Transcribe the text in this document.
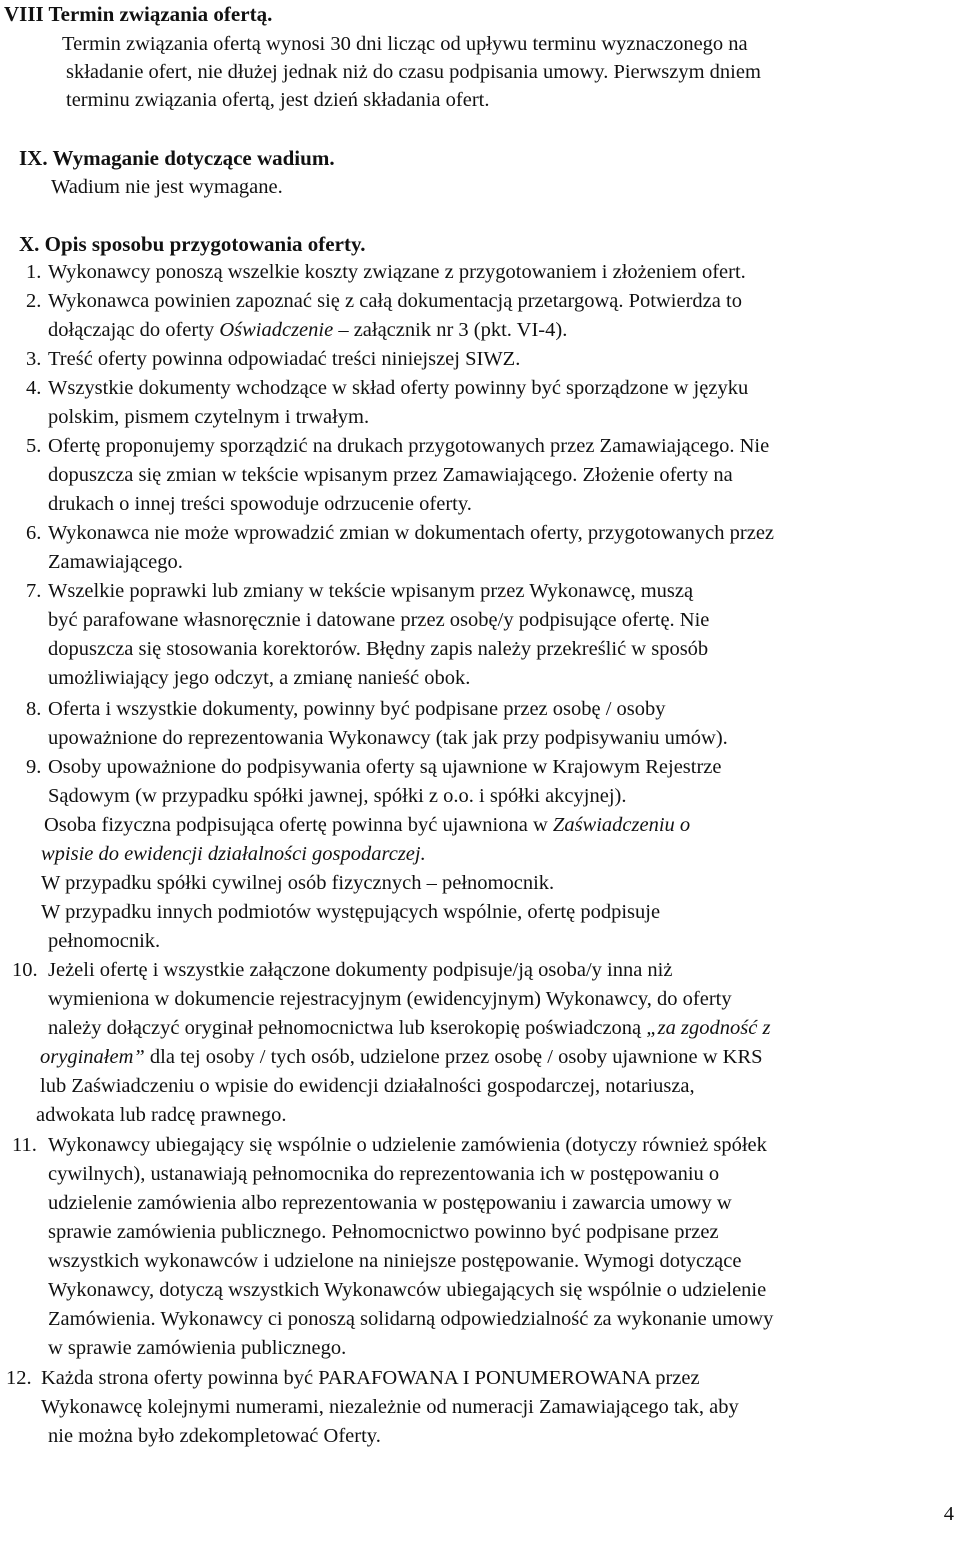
VIII Termin związania ofertą.
Termin związania ofertą wynosi 30 dni licząc od upływu terminu wyznaczonego na
składanie ofert, nie dłużej jednak niż do czasu podpisania umowy. Pierwszym dniem
terminu związania ofertą, jest dzień składania ofert.
IX. Wymaganie dotyczące wadium.
Wadium nie jest wymagane.
X. Opis sposobu przygotowania oferty.
1. Wykonawcy ponoszą wszelkie koszty związane z przygotowaniem i złożeniem ofert.
2. Wykonawca powinien zapoznać się z całą dokumentacją przetargową. Potwierdza to
dołączając do oferty Oświadczenie – załącznik nr 3 (pkt. VI-4).
3. Treść oferty powinna odpowiadać treści niniejszej SIWZ.
4. Wszystkie dokumenty wchodzące w skład oferty powinny być sporządzone w języku
polskim, pismem czytelnym i trwałym.
5. Ofertę proponujemy sporządzić na drukach przygotowanych przez Zamawiającego. Nie
dopuszcza się zmian w tekście wpisanym przez Zamawiającego. Złożenie oferty na
drukach o innej treści spowoduje odrzucenie oferty.
6. Wykonawca nie może wprowadzić zmian w dokumentach oferty, przygotowanych przez
Zamawiającego.
7. Wszelkie poprawki lub zmiany w tekście wpisanym przez Wykonawcę, muszą
być parafowane własnoręcznie i datowane przez osobę/y podpisujące ofertę. Nie
dopuszcza się stosowania korektorów. Błędny zapis należy przekreślić w sposób
umożliwiający jego odczyt, a zmianę nanieść obok.
8. Oferta i wszystkie dokumenty, powinny być podpisane przez osobę / osoby
upoważnione do reprezentowania Wykonawcy (tak jak przy podpisywaniu umów).
9. Osoby upoważnione do podpisywania oferty są ujawnione w Krajowym Rejestrze
Sądowym (w przypadku spółki jawnej, spółki z o.o. i spółki akcyjnej).
Osoba fizyczna podpisująca ofertę powinna być ujawniona w Zaświadczeniu o
wpisie do ewidencji działalności gospodarczej.
W przypadku spółki cywilnej osób fizycznych – pełnomocnik.
W przypadku innych podmiotów występujących wspólnie, ofertę podpisuje
pełnomocnik.
10. Jeżeli ofertę i wszystkie załączone dokumenty podpisuje/ją osoba/y inna niż
wymieniona w dokumencie rejestracyjnym (ewidencyjnym) Wykonawcy, do oferty
należy dołączyć oryginał pełnomocnictwa lub kserokopię poświadczoną „za zgodność z
oryginałem” dla tej osoby / tych osób, udzielone przez osobę / osoby ujawnione w KRS
lub Zaświadczeniu o wpisie do ewidencji działalności gospodarczej, notariusza,
adwokata lub radcę prawnego.
11. Wykonawcy ubiegający się wspólnie o udzielenie zamówienia (dotyczy również spółek
cywilnych), ustanawiają pełnomocnika do reprezentowania ich w postępowaniu o
udzielenie zamówienia albo reprezentowania w postępowaniu i zawarcia umowy w
sprawie zamówienia publicznego. Pełnomocnictwo powinno być podpisane przez
wszystkich wykonawców i udzielone na niniejsze postępowanie. Wymogi dotyczące
Wykonawcy, dotyczą wszystkich Wykonawców ubiegających się wspólnie o udzielenie
Zamówienia. Wykonawcy ci ponoszą solidarną odpowiedzialność za wykonanie umowy
w sprawie zamówienia publicznego.
12. Każda strona oferty powinna być PARAFOWANA I PONUMEROWANA przez
Wykonawcę kolejnymi numerami, niezależnie od numeracji Zamawiającego tak, aby
nie można było zdekompletować Oferty.
4
